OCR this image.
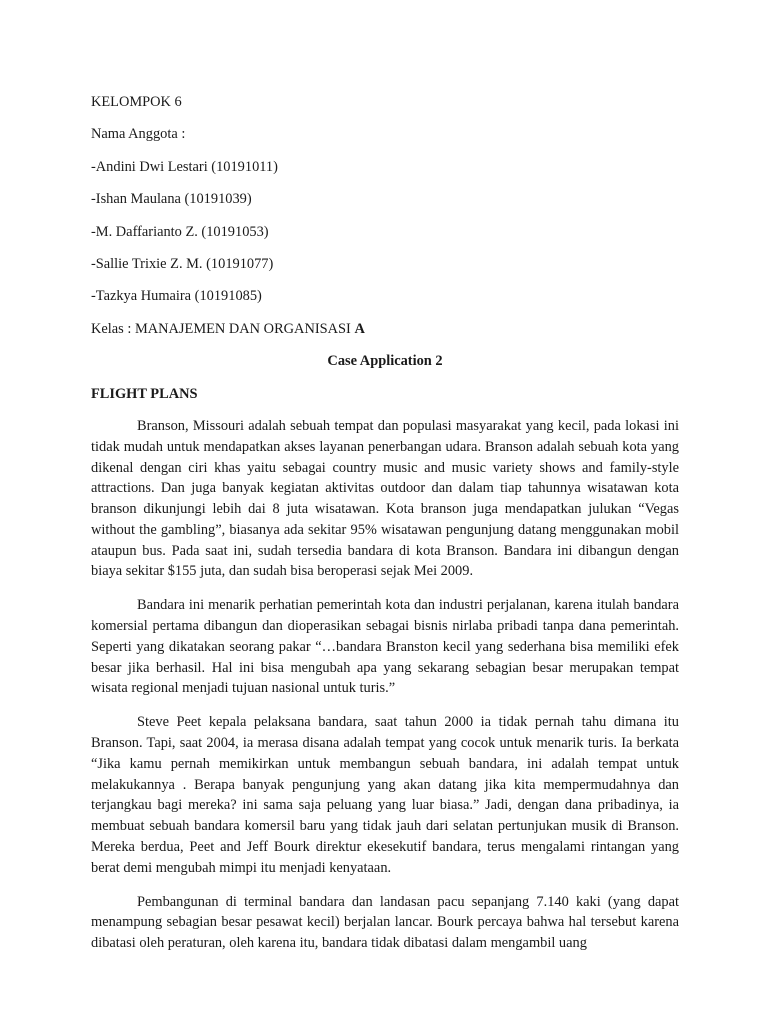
KELOMPOK 6
Nama Anggota :
-Andini Dwi Lestari (10191011)
-Ishan Maulana (10191039)
-M. Daffarianto Z. (10191053)
-Sallie Trixie Z. M. (10191077)
-Tazkya Humaira (10191085)
Kelas : MANAJEMEN DAN ORGANISASI A
Case Application 2
FLIGHT PLANS

Branson, Missouri adalah sebuah tempat dan populasi masyarakat yang kecil, pada lokasi ini tidak mudah untuk mendapatkan akses layanan penerbangan udara. Branson adalah sebuah kota yang dikenal dengan ciri khas yaitu sebagai country music and music variety shows and family-style attractions. Dan juga banyak kegiatan aktivitas outdoor dan dalam tiap tahunnya wisatawan kota branson dikunjungi lebih dai 8 juta wisatawan. Kota branson juga mendapatkan julukan “Vegas without the gambling”, biasanya ada sekitar 95% wisatawan pengunjung datang menggunakan mobil ataupun bus. Pada saat ini, sudah tersedia bandara di kota Branson. Bandara ini dibangun dengan biaya sekitar $155 juta, dan sudah bisa beroperasi sejak Mei 2009.

Bandara ini menarik perhatian pemerintah kota dan industri perjalanan, karena itulah bandara komersial pertama dibangun dan dioperasikan sebagai bisnis nirlaba pribadi tanpa dana pemerintah. Seperti yang dikatakan seorang pakar “…bandara Branston kecil yang sederhana bisa memiliki efek besar jika berhasil. Hal ini bisa mengubah apa yang sekarang sebagian besar merupakan tempat wisata regional menjadi tujuan nasional untuk turis.”

Steve Peet kepala pelaksana bandara, saat tahun 2000 ia tidak pernah tahu dimana itu Branson. Tapi, saat 2004, ia merasa disana adalah tempat yang cocok untuk menarik turis. Ia berkata “Jika kamu pernah memikirkan untuk membangun sebuah bandara, ini adalah tempat untuk melakukannya . Berapa banyak pengunjung yang akan datang jika kita mempermudahnya dan terjangkau bagi mereka? ini sama saja peluang yang luar biasa.” Jadi, dengan dana pribadinya, ia membuat sebuah bandara komersil baru yang tidak jauh dari selatan pertunjukan musik di Branson. Mereka berdua, Peet and Jeff Bourk direktur ekesekutif bandara, terus mengalami rintangan yang berat demi mengubah mimpi itu menjadi kenyataan.

Pembangunan di terminal bandara dan landasan pacu sepanjang 7.140 kaki (yang dapat menampung sebagian besar pesawat kecil) berjalan lancar. Bourk percaya bahwa hal tersebut karena dibatasi oleh peraturan, oleh karena itu, bandara tidak dibatasi dalam mengambil uang
